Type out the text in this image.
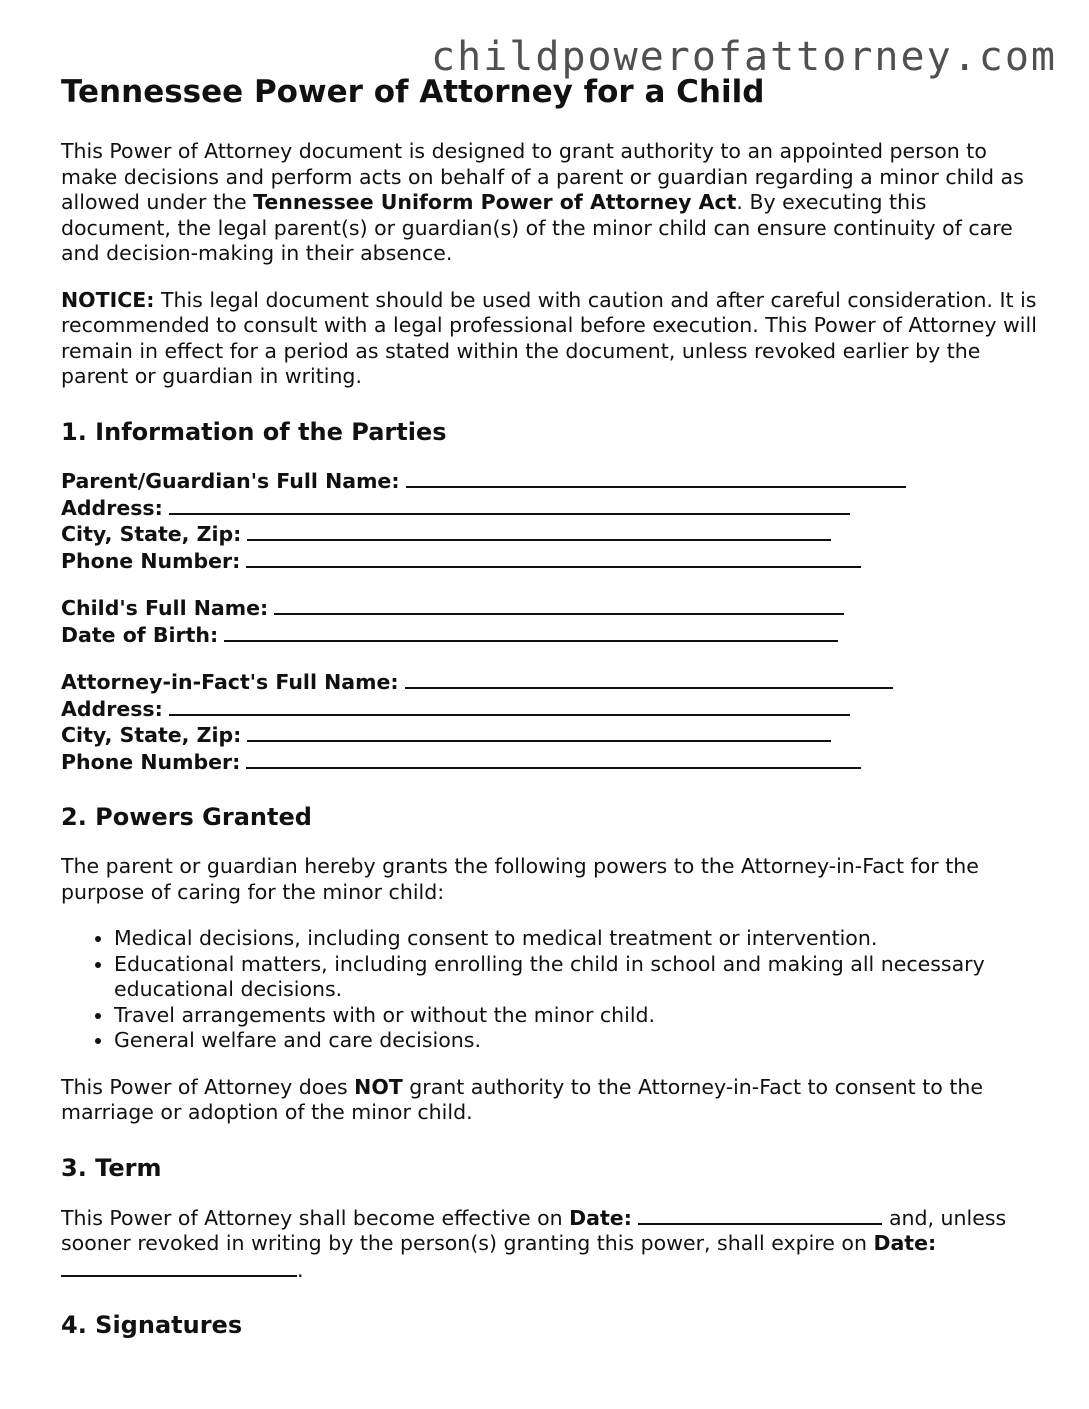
childpowerofattorney.com
Tennessee Power of Attorney for a Child

This Power of Attorney document is designed to grant authority to an appointed person to make decisions and perform acts on behalf of a parent or guardian regarding a minor child as allowed under the Tennessee Uniform Power of Attorney Act. By executing this document, the legal parent(s) or guardian(s) of the minor child can ensure continuity of care and decision-making in their absence.

NOTICE: This legal document should be used with caution and after careful consideration. It is recommended to consult with a legal professional before execution. This Power of Attorney will remain in effect for a period as stated within the document, unless revoked earlier by the parent or guardian in writing.

1. Information of the Parties
Parent/Guardian's Full Name:
Address:
City, State, Zip:
Phone Number:
Child's Full Name:
Date of Birth:
Attorney-in-Fact's Full Name:
Address:
City, State, Zip:
Phone Number:
2. Powers Granted

The parent or guardian hereby grants the following powers to the Attorney-in-Fact for the purpose of caring for the minor child:

• Medical decisions, including consent to medical treatment or intervention.
• Educational matters, including enrolling the child in school and making all necessary educational decisions.
• Travel arrangements with or without the minor child.
• General welfare and care decisions.

This Power of Attorney does NOT grant authority to the Attorney-in-Fact to consent to the marriage or adoption of the minor child.

3. Term

This Power of Attorney shall become effective on Date:	and, unless sooner revoked in writing by the person(s) granting this power, shall expire on Date: .

4. Signatures
